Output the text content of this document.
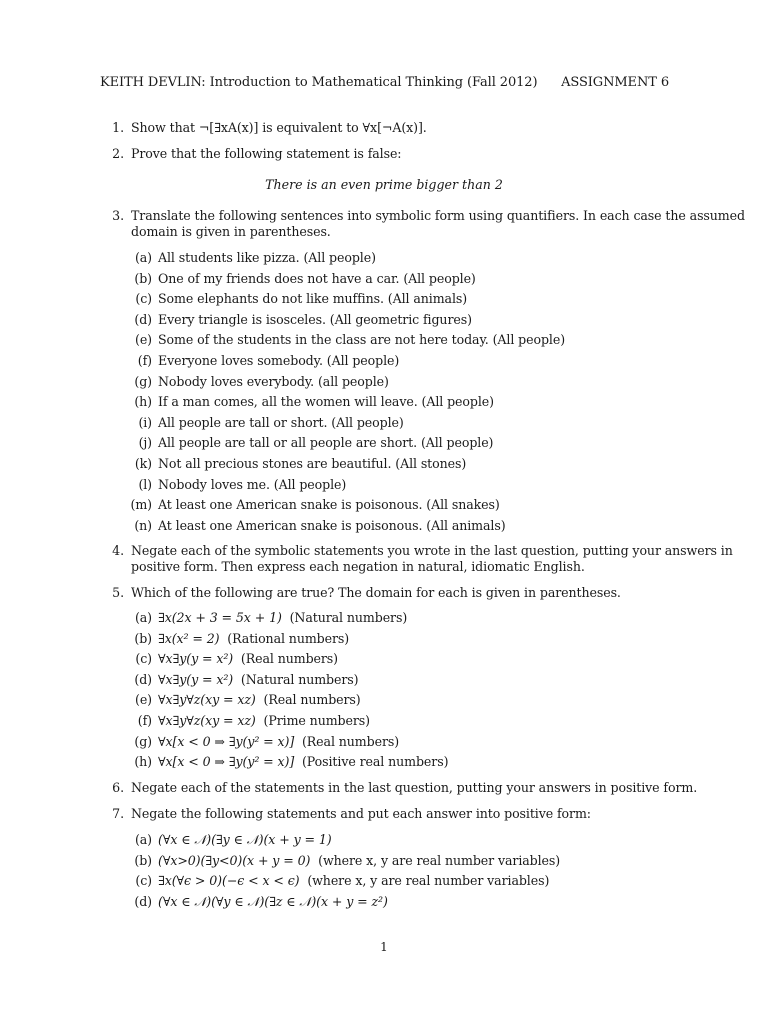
KEITH DEVLIN: Introduction to Mathematical Thinking (Fall 2012) ASSIGNMENT 6
1. Show that ¬[∃xA(x)] is equivalent to ∀x[¬A(x)].
2. Prove that the following statement is false:
There is an even prime bigger than 2
3. Translate the following sentences into symbolic form using quantifiers. In each case the assumed
domain is given in parentheses.
(a) All students like pizza. (All people)
(b) One of my friends does not have a car. (All people)
(c) Some elephants do not like muffins. (All animals)
(d) Every triangle is isosceles. (All geometric figures)
(e) Some of the students in the class are not here today. (All people)
(f) Everyone loves somebody. (All people)
(g) Nobody loves everybody. (all people)
(h) If a man comes, all the women will leave. (All people)
(i) All people are tall or short. (All people)
(j) All people are tall or all people are short. (All people)
(k) Not all precious stones are beautiful. (All stones)
(l) Nobody loves me. (All people)
(m) At least one American snake is poisonous. (All snakes)
(n) At least one American snake is poisonous. (All animals)
4. Negate each of the symbolic statements you wrote in the last question, putting your answers in
positive form. Then express each negation in natural, idiomatic English.
5. Which of the following are true? The domain for each is given in parentheses.
(a) ∃x(2x + 3 = 5x + 1) (Natural numbers)
(b) ∃x(x² = 2) (Rational numbers)
(c) ∀x∃y(y = x²) (Real numbers)
(d) ∀x∃y(y = x²) (Natural numbers)
(e) ∀x∃y∀z(xy = xz) (Real numbers)
(f) ∀x∃y∀z(xy = xz) (Prime numbers)
(g) ∀x[x < 0 ⇒ ∃y(y² = x)] (Real numbers)
(h) ∀x[x < 0 ⇒ ∃y(y² = x)] (Positive real numbers)
6. Negate each of the statements in the last question, putting your answers in positive form.
7. Negate the following statements and put each answer into positive form:
(a) (∀x ∈ 𝒩)(∃y ∈ 𝒩)(x + y = 1)
(b) (∀x>0)(∃y<0)(x + y = 0) (where x, y are real number variables)
(c) ∃x(∀ϵ > 0)(−ϵ < x < ϵ) (where x, y are real number variables)
(d) (∀x ∈ 𝒩)(∀y ∈ 𝒩)(∃z ∈ 𝒩)(x + y = z²)
1
